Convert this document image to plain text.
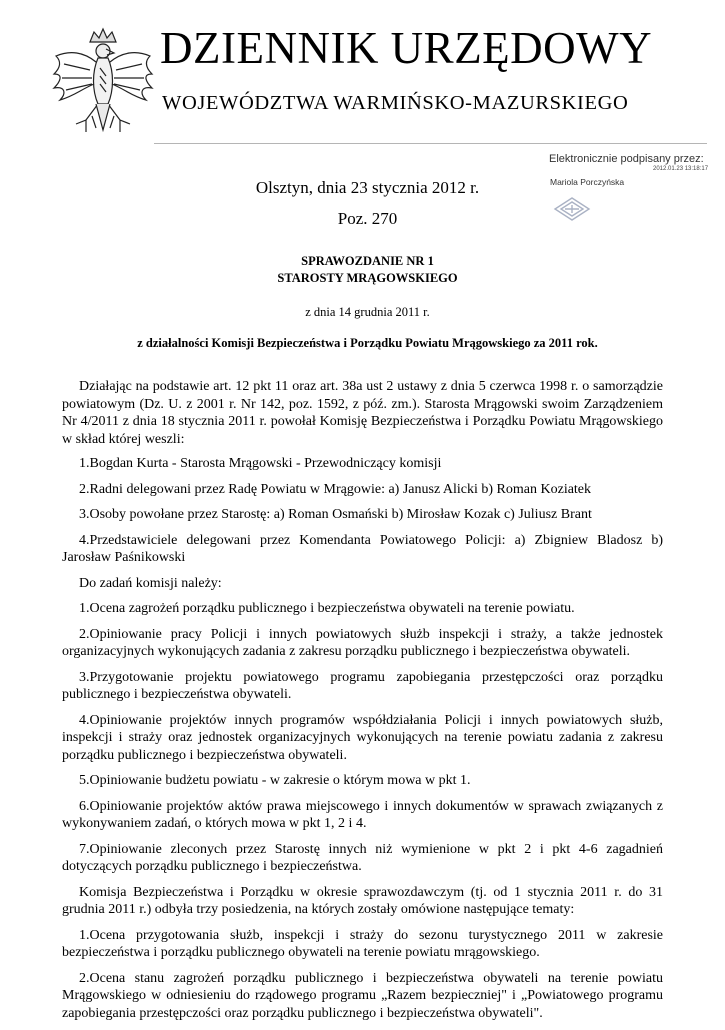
DZIENNIK URZĘDOWY
WOJEWÓDZTWA WARMIŃSKO-MAZURSKIEGO
Elektronicznie podpisany przez:
2012.01.23 13:18:17
Mariola Porczyńska
Olsztyn, dnia 23 stycznia 2012 r.
Poz. 270
SPRAWOZDANIE NR 1
STAROSTY MRĄGOWSKIEGO
z dnia 14 grudnia 2011 r.
z działalności Komisji Bezpieczeństwa i Porządku Powiatu Mrągowskiego za 2011 rok.

Działając na podstawie art. 12 pkt 11 oraz art. 38a ust 2 ustawy z dnia 5 czerwca 1998 r. o samorządzie powiatowym (Dz. U. z 2001 r. Nr 142, poz. 1592, z póź. zm.). Starosta Mrągowski swoim Zarządzeniem Nr 4/2011 z dnia 18 stycznia 2011 r. powołał Komisję Bezpieczeństwa i Porządku Powiatu Mrągowskiego w skład której weszli:

1.Bogdan Kurta - Starosta Mrągowski - Przewodniczący komisji

2.Radni delegowani przez Radę Powiatu w Mrągowie: a) Janusz Alicki b) Roman Koziatek

3.Osoby powołane przez Starostę: a) Roman Osmański b) Mirosław Kozak c) Juliusz Brant

4.Przedstawiciele delegowani przez Komendanta Powiatowego Policji: a) Zbigniew Bladosz b) Jarosław Paśnikowski

Do zadań komisji należy:

1.Ocena zagrożeń porządku publicznego i bezpieczeństwa obywateli na terenie powiatu.

2.Opiniowanie pracy Policji i innych powiatowych służb inspekcji i straży, a także jednostek organizacyjnych wykonujących zadania z zakresu porządku publicznego i bezpieczeństwa obywateli.

3.Przygotowanie projektu powiatowego programu zapobiegania przestępczości oraz porządku publicznego i bezpieczeństwa obywateli.

4.Opiniowanie projektów innych programów współdziałania Policji i innych powiatowych służb, inspekcji i straży oraz jednostek organizacyjnych wykonujących na terenie powiatu zadania z zakresu porządku publicznego i bezpieczeństwa obywateli.

5.Opiniowanie budżetu powiatu - w zakresie o którym mowa w pkt 1.

6.Opiniowanie projektów aktów prawa miejscowego i innych dokumentów w sprawach związanych z wykonywaniem zadań, o których mowa w pkt 1, 2 i 4.

7.Opiniowanie zleconych przez Starostę innych niż wymienione w pkt 2 i pkt 4-6 zagadnień dotyczących porządku publicznego i bezpieczeństwa.

Komisja Bezpieczeństwa i Porządku w okresie sprawozdawczym (tj. od 1 stycznia 2011 r. do 31 grudnia 2011 r.) odbyła trzy posiedzenia, na których zostały omówione następujące tematy:

1.Ocena przygotowania służb, inspekcji i straży do sezonu turystycznego 2011 w zakresie bezpieczeństwa i porządku publicznego obywateli na terenie powiatu mrągowskiego.

2.Ocena stanu zagrożeń porządku publicznego i bezpieczeństwa obywateli na terenie powiatu Mrągowskiego w odniesieniu do rządowego programu „Razem bezpieczniej" i „Powiatowego programu zapobiegania przestępczości oraz porządku publicznego i bezpieczeństwa obywateli".
